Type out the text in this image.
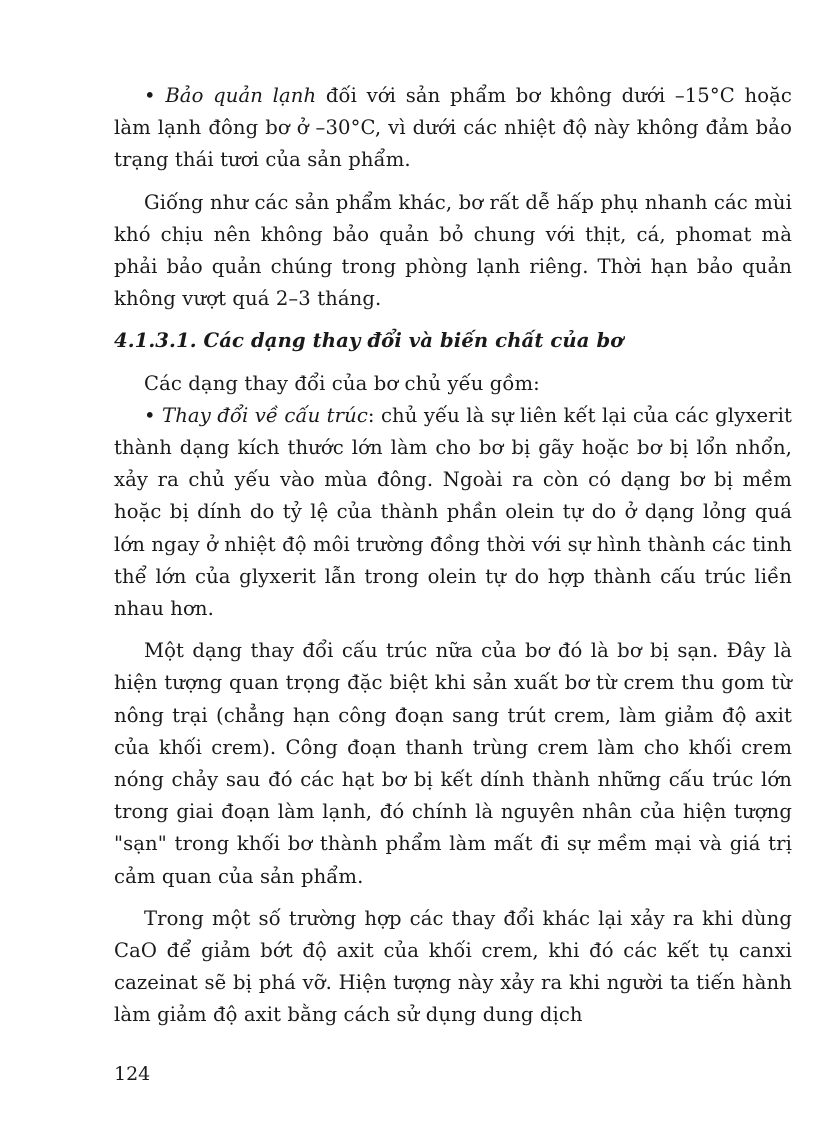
• Bảo quản lạnh đối với sản phẩm bơ không dưới –15°C hoặc làm lạnh đông bơ ở –30°C, vì dưới các nhiệt độ này không đảm bảo trạng thái tươi của sản phẩm.

Giống như các sản phẩm khác, bơ rất dễ hấp phụ nhanh các mùi khó chịu nên không bảo quản bỏ chung với thịt, cá, phomat mà phải bảo quản chúng trong phòng lạnh riêng. Thời hạn bảo quản không vượt quá 2–3 tháng.

4.1.3.1. Các dạng thay đổi và biến chất của bơ

Các dạng thay đổi của bơ chủ yếu gồm:

• Thay đổi về cấu trúc: chủ yếu là sự liên kết lại của các glyxerit thành dạng kích thước lớn làm cho bơ bị gãy hoặc bơ bị lổn nhổn, xảy ra chủ yếu vào mùa đông. Ngoài ra còn có dạng bơ bị mềm hoặc bị dính do tỷ lệ của thành phần olein tự do ở dạng lỏng quá lớn ngay ở nhiệt độ môi trường đồng thời với sự hình thành các tinh thể lớn của glyxerit lẫn trong olein tự do hợp thành cấu trúc liền nhau hơn.

Một dạng thay đổi cấu trúc nữa của bơ đó là bơ bị sạn. Đây là hiện tượng quan trọng đặc biệt khi sản xuất bơ từ crem thu gom từ nông trại (chẳng hạn công đoạn sang trút crem, làm giảm độ axit của khối crem). Công đoạn thanh trùng crem làm cho khối crem nóng chảy sau đó các hạt bơ bị kết dính thành những cấu trúc lớn trong giai đoạn làm lạnh, đó chính là nguyên nhân của hiện tượng "sạn" trong khối bơ thành phẩm làm mất đi sự mềm mại và giá trị cảm quan của sản phẩm.

Trong một số trường hợp các thay đổi khác lại xảy ra khi dùng CaO để giảm bớt độ axit của khối crem, khi đó các kết tụ canxi cazeinat sẽ bị phá vỡ. Hiện tượng này xảy ra khi người ta tiến hành làm giảm độ axit bằng cách sử dụng dung dịch

124
